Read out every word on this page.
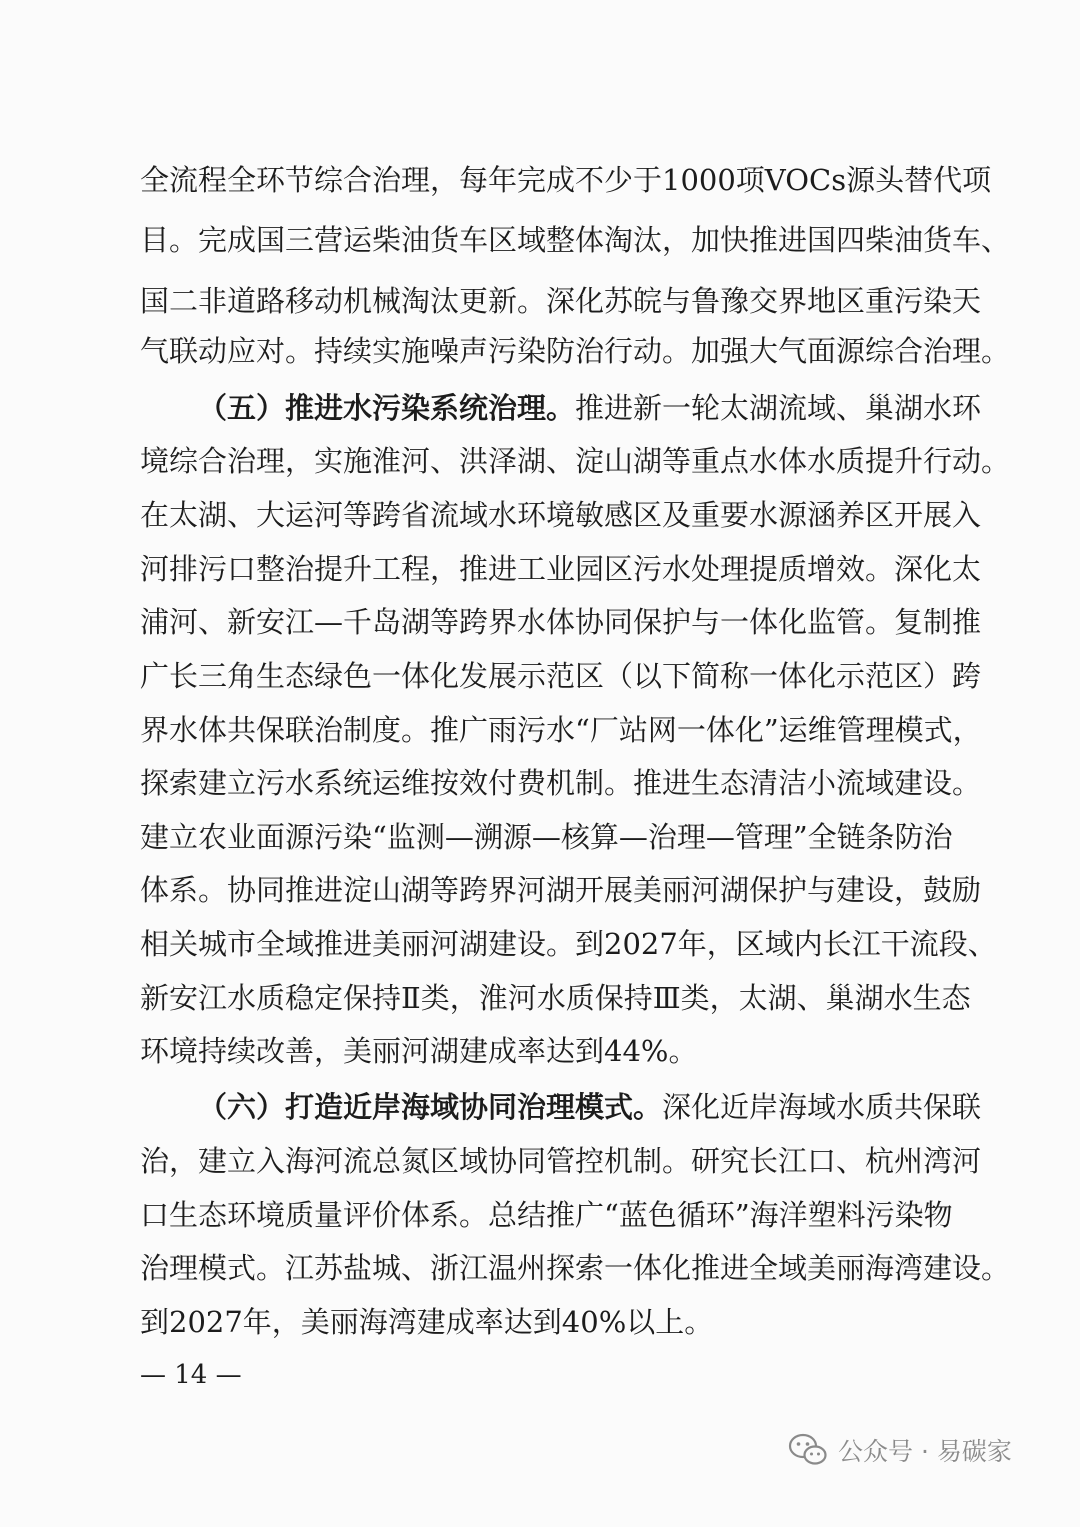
全流程全环节综合治理，每年完成不少于1000项VOCs源头替代项
目。完成国三营运柴油货车区域整体淘汰，加快推进国四柴油货车、
国二非道路移动机械淘汰更新。深化苏皖与鲁豫交界地区重污染天
气联动应对。持续实施噪声污染防治行动。加强大气面源综合治理。
（五）推进水污染系统治理。推进新一轮太湖流域、巢湖水环
境综合治理，实施淮河、洪泽湖、淀山湖等重点水体水质提升行动。
在太湖、大运河等跨省流域水环境敏感区及重要水源涵养区开展入
河排污口整治提升工程，推进工业园区污水处理提质增效。深化太
浦河、新安江—千岛湖等跨界水体协同保护与一体化监管。复制推
广长三角生态绿色一体化发展示范区（以下简称一体化示范区）跨
界水体共保联治制度。推广雨污水“厂站网一体化”运维管理模式，
探索建立污水系统运维按效付费机制。推进生态清洁小流域建设。
建立农业面源污染“监测—溯源—核算—治理—管理”全链条防治
体系。协同推进淀山湖等跨界河湖开展美丽河湖保护与建设，鼓励
相关城市全域推进美丽河湖建设。到2027年，区域内长江干流段、
新安江水质稳定保持Ⅱ类，淮河水质保持Ⅲ类，太湖、巢湖水生态
环境持续改善，美丽河湖建成率达到44%。
（六）打造近岸海域协同治理模式。深化近岸海域水质共保联
治，建立入海河流总氮区域协同管控机制。研究长江口、杭州湾河
口生态环境质量评价体系。总结推广“蓝色循环”海洋塑料污染物
治理模式。江苏盐城、浙江温州探索一体化推进全域美丽海湾建设。
到2027年，美丽海湾建成率达到40%以上。
— 14 —
公众号 · 易碳家
